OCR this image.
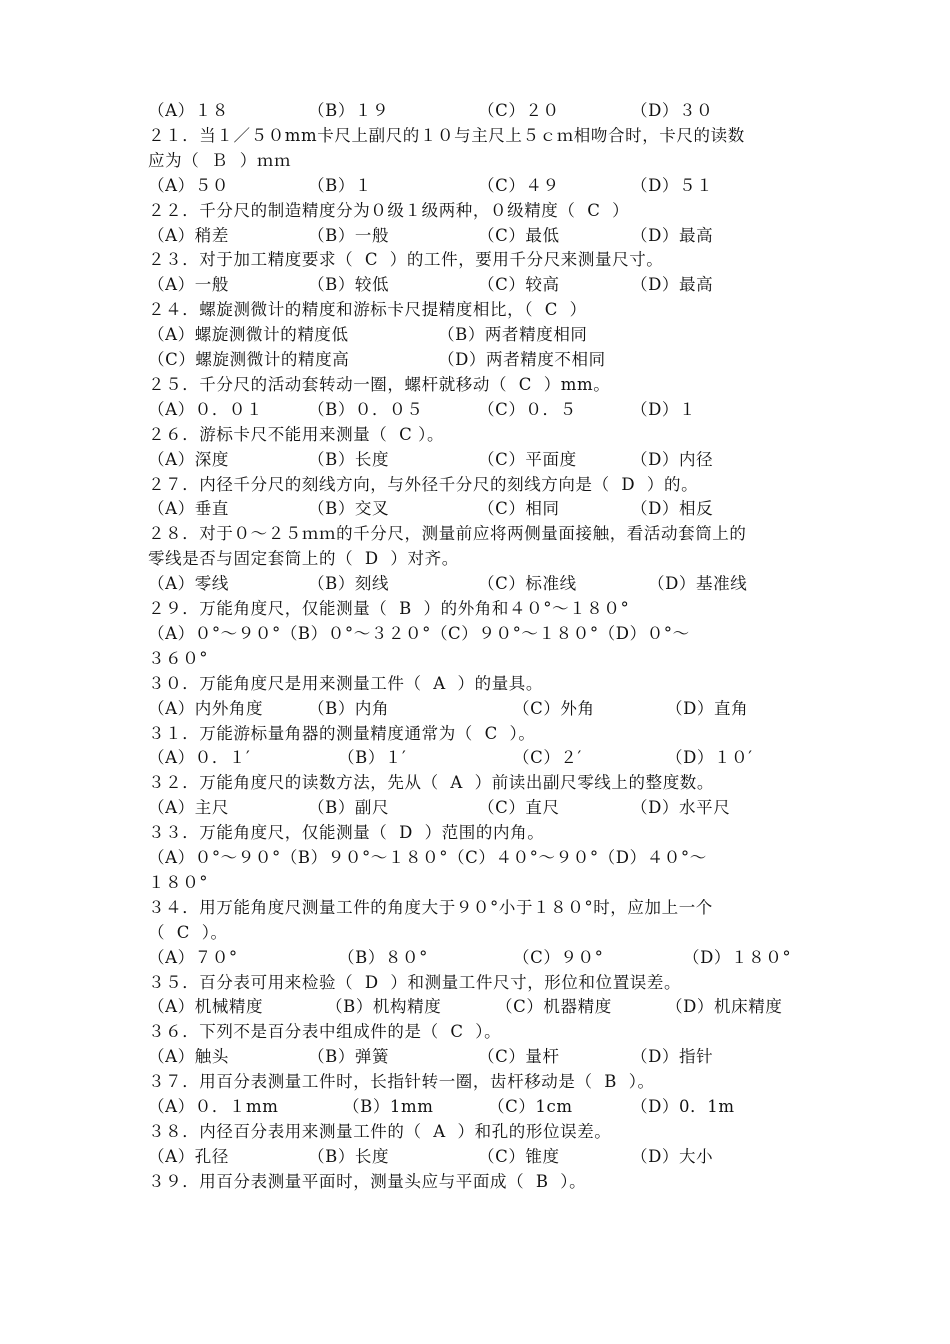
（A）１８	（B）１９	（C）２０	（D）３０
２１．当１／５０mm卡尺上副尺的１０与主尺上５ｃｍ相吻合时，卡尺的读数
应为（  Ｂ  ）ｍｍ
（A）５０	（B）１	（C）４９	（D）５１
２２．千分尺的制造精度分为０级１级两种，０级精度（  C  ）
（A）稍差	（B）一般	（C）最低	（D）最高
２３．对于加工精度要求（  C  ）的工件，要用千分尺来测量尺寸。
（A）一般	（B）较低	（C）较高	（D）最高
２４．螺旋测微计的精度和游标卡尺提精度相比，（  C  ）
（A）螺旋测微计的精度低	（B）两者精度相同
（C）螺旋测微计的精度高	（D）两者精度不相同
２５．千分尺的活动套转动一圈，螺杆就移动（  C  ）mm。
（A）０．０１	（B）０．０５	（C）０．５	（D）１
２６．游标卡尺不能用来测量（  C ）。
（A）深度	（B）长度	（C）平面度	（D）内径
２７．内径千分尺的刻线方向，与外径千分尺的刻线方向是（  D  ）的。
（A）垂直	（B）交叉	（C）相同	（D）相反
２８．对于０～２５ｍｍ的千分尺，测量前应将两侧量面接触，看活动套筒上的
零线是否与固定套筒上的（  D  ）对齐。
（A）零线	（B）刻线	（C）标准线	（D）基准线
２９．万能角度尺，仅能测量（  B  ）的外角和４０°～１８０°
（A）０°～９０°（B）０°～３２０°（C）９０°～１８０°（D）０°～
３６０°
３０．万能角度尺是用来测量工件（  A  ）的量具。
（A）内外角度	（B）内角	（C）外角	（D）直角
３１．万能游标量角器的测量精度通常为（  C  ）。
（A）０．１′	（B）１′	（C）２′	（D）１０′
３２．万能角度尺的读数方法，先从（  A  ）前读出副尺零线上的整度数。
（A）主尺	（B）副尺	（C）直尺	（D）水平尺
３３．万能角度尺，仅能测量（  D  ）范围的内角。
（A）０°～９０°（B）９０°～１８０°（C）４０°～９０°（D）４０°～
１８０°
３４．用万能角度尺测量工件的角度大于９０°小于１８０°时，应加上一个
（  C  ）。
（A）７０°	（B）８０°	（C）９０°	（D）１８０°
３５．百分表可用来检验（  D  ）和测量工件尺寸，形位和位置误差。
（A）机械精度	（B）机构精度	（C）机器精度	（D）机床精度
３６．下列不是百分表中组成件的是（  C  ）。
（A）触头	（B）弹簧	（C）量杆	（D）指针
３７．用百分表测量工件时，长指针转一圈，齿杆移动是（  B  ）。
（A）０．１mm	（B）1mm	（C）1cm	（D）0．1m
３８．内径百分表用来测量工件的（  A  ）和孔的形位误差。
（A）孔径	（B）长度	（C）锥度	（D）大小
３９．用百分表测量平面时，测量头应与平面成（  B  ）。
